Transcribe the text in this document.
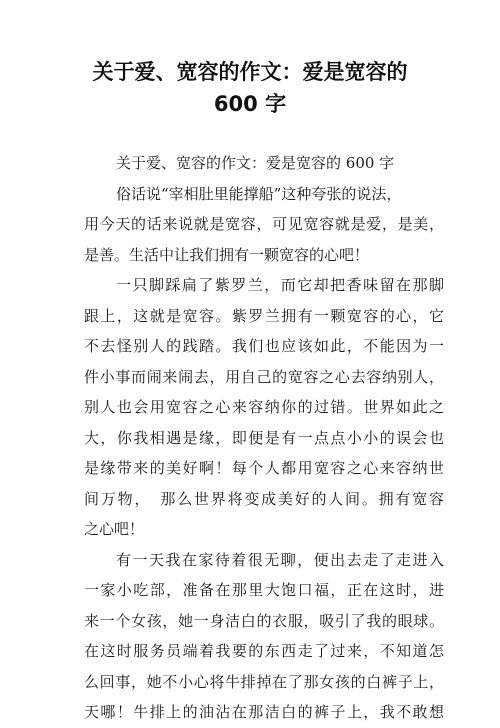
关于爱、宽容的作文：爱是宽容的
600 字
关于爱、宽容的作文：爱是宽容的 600 字
俗话说“宰相肚里能撑船”这种夸张的说法，
用今天的话来说就是宽容，可见宽容就是爱，是美，
是善。生活中让我们拥有一颗宽容的心吧！
一只脚踩扁了紫罗兰，而它却把香味留在那脚
跟上，这就是宽容。紫罗兰拥有一颗宽容的心，它
不去怪别人的践踏。我们也应该如此，不能因为一
件小事而闹来闹去，用自己的宽容之心去容纳别人，
别人也会用宽容之心来容纳你的过错。世界如此之
大，你我相遇是缘，即便是有一点点小小的误会也
是缘带来的美好啊！每个人都用宽容之心来容纳世
间万物，　那么世界将变成美好的人间。拥有宽容
之心吧！
有一天我在家待着很无聊，便出去走了走进入
一家小吃部，准备在那里大饱口福，正在这时，进
来一个女孩，她一身洁白的衣服，吸引了我的眼球。
在这时服务员端着我要的东西走了过来，不知道怎
么回事，她不小心将牛排掉在了那女孩的白裤子上，
天哪！牛排上的油沾在那洁白的裤子上，我不敢想
